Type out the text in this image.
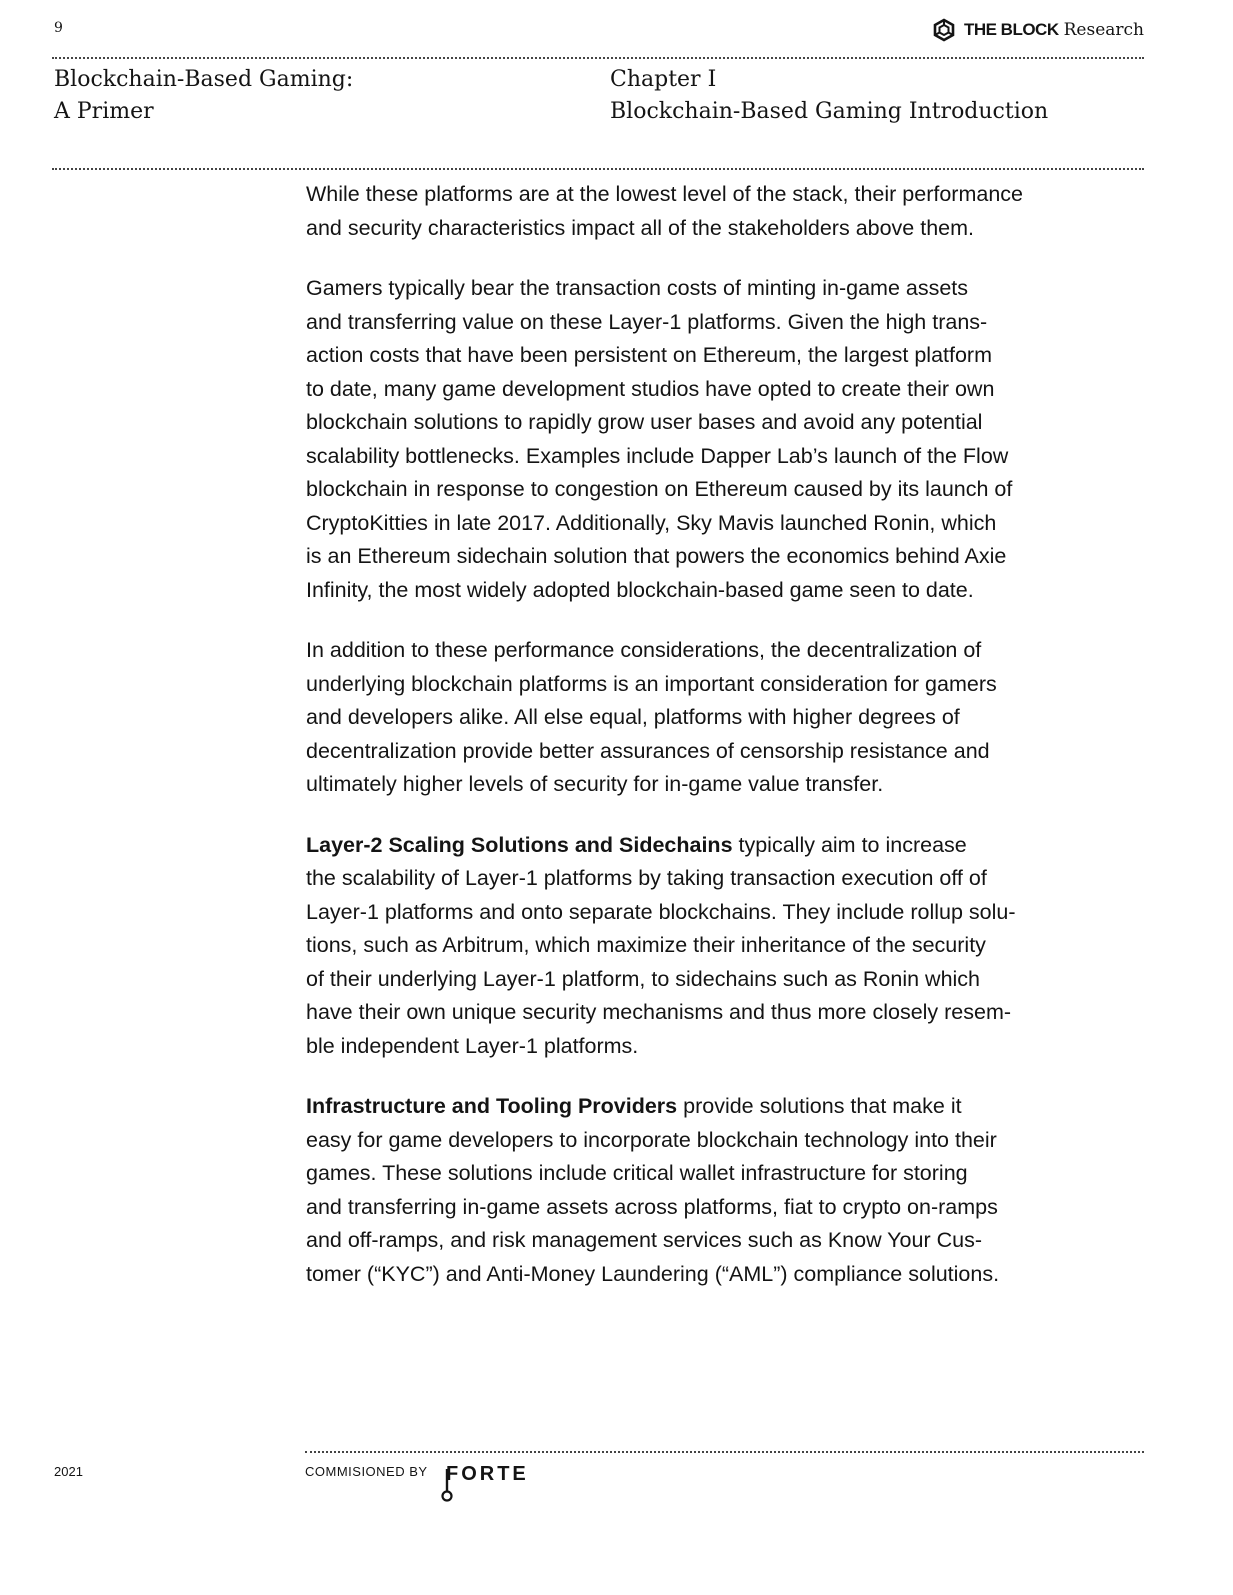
9	THE BLOCK Research
Blockchain-Based Gaming:
A Primer
Chapter I
Blockchain-Based Gaming Introduction

While these platforms are at the lowest level of the stack, their performance
and security characteristics impact all of the stakeholders above them.

Gamers typically bear the transaction costs of minting in-game assets
and transferring value on these Layer-1 platforms. Given the high trans-
action costs that have been persistent on Ethereum, the largest platform
to date, many game development studios have opted to create their own
blockchain solutions to rapidly grow user bases and avoid any potential
scalability bottlenecks. Examples include Dapper Lab’s launch of the Flow
blockchain in response to congestion on Ethereum caused by its launch of
CryptoKitties in late 2017. Additionally, Sky Mavis launched Ronin, which
is an Ethereum sidechain solution that powers the economics behind Axie
Infinity, the most widely adopted blockchain-based game seen to date.

In addition to these performance considerations, the decentralization of
underlying blockchain platforms is an important consideration for gamers
and developers alike. All else equal, platforms with higher degrees of
decentralization provide better assurances of censorship resistance and
ultimately higher levels of security for in-game value transfer.

Layer-2 Scaling Solutions and Sidechains typically aim to increase
the scalability of Layer-1 platforms by taking transaction execution off of
Layer-1 platforms and onto separate blockchains. They include rollup solu-
tions, such as Arbitrum, which maximize their inheritance of the security
of their underlying Layer-1 platform, to sidechains such as Ronin which
have their own unique security mechanisms and thus more closely resem-
ble independent Layer-1 platforms.

Infrastructure and Tooling Providers provide solutions that make it
easy for game developers to incorporate blockchain technology into their
games. These solutions include critical wallet infrastructure for storing
and transferring in-game assets across platforms, fiat to crypto on-ramps
and off-ramps, and risk management services such as Know Your Cus-
tomer (“KYC”) and Anti-Money Laundering (“AML”) compliance solutions.

2021	COMMISIONED BY FORTE
